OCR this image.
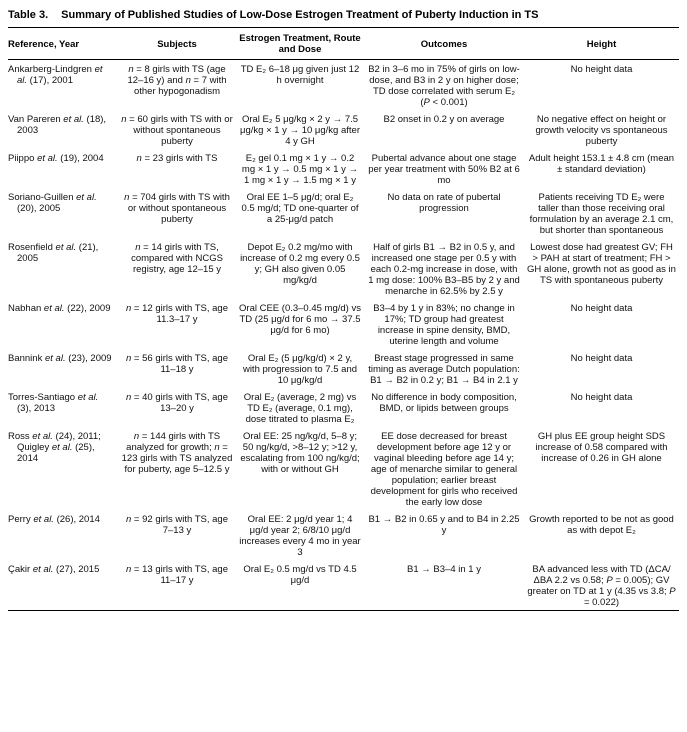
Table 3. Summary of Published Studies of Low-Dose Estrogen Treatment of Puberty Induction in TS
Reference, Year	Subjects	Estrogen Treatment, Route and Dose	Outcomes	Height

Ankarberg-Lindgren et al. (17), 2001	n = 8 girls with TS (age 12–16 y) and n = 7 with other hypogonadism	TD E₂ 6–18 μg given just 12 h overnight	B2 in 3–6 mo in 75% of girls on low-dose, and B3 in 2 y on higher dose; TD dose correlated with serum E₂ (P < 0.001)	No height data

Van Pareren et al. (18), 2003	n = 60 girls with TS with or without spontaneous puberty	Oral E₂ 5 μg/kg × 2 y → 7.5 μg/kg × 1 y → 10 μg/kg after 4 y GH	B2 onset in 0.2 y on average	No negative effect on height or growth velocity vs spontaneous puberty

Piippo et al. (19), 2004	n = 23 girls with TS	E₂ gel 0.1 mg × 1 y → 0.2 mg × 1 y → 0.5 mg × 1 y → 1 mg × 1 y → 1.5 mg × 1 y	Pubertal advance about one stage per year treatment with 50% B2 at 6 mo	Adult height 153.1 ± 4.8 cm (mean ± standard deviation)

Soriano-Guillen et al. (20), 2005	n = 704 girls with TS with or without spontaneous puberty	Oral EE 1–5 μg/d; oral E₂ 0.5 mg/d; TD one-quarter of a 25-μg/d patch	No data on rate of pubertal progression	Patients receiving TD E₂ were taller than those receiving oral formulation by an average 2.1 cm, but shorter than spontaneous

Rosenfield et al. (21), 2005	n = 14 girls with TS, compared with NCGS registry, age 12–15 y	Depot E₂ 0.2 mg/mo with increase of 0.2 mg every 0.5 y; GH also given 0.05 mg/kg/d	Half of girls B1 → B2 in 0.5 y, and increased one stage per 0.5 y with each 0.2-mg increase in dose, with 1 mg dose: 100% B3–B5 by 2 y and menarche in 62.5% by 2.5 y	Lowest dose had greatest GV; FH > PAH at start of treatment; FH > GH alone, growth not as good as in TS with spontaneous puberty

Nabhan et al. (22), 2009	n = 12 girls with TS, age 11.3–17 y	Oral CEE (0.3–0.45 mg/d) vs TD (25 μg/d for 6 mo → 37.5 μg/d for 6 mo)	B3–4 by 1 y in 83%; no change in 17%; TD group had greatest increase in spine density, BMD, uterine length and volume	No height data

Bannink et al. (23), 2009	n = 56 girls with TS, age 11–18 y	Oral E₂ (5 μg/kg/d) × 2 y, with progression to 7.5 and 10 μg/kg/d	Breast stage progressed in same timing as average Dutch population: B1 → B2 in 0.2 y; B1 → B4 in 2.1 y	No height data

Torres-Santiago et al. (3), 2013	n = 40 girls with TS, age 13–20 y	Oral E₂ (average, 2 mg) vs TD E₂ (average, 0.1 mg), dose titrated to plasma E₂	No difference in body composition, BMD, or lipids between groups	No height data

Ross et al. (24), 2011; Quigley et al. (25), 2014	n = 144 girls with TS analyzed for growth; n = 123 girls with TS analyzed for puberty, age 5–12.5 y	Oral EE: 25 ng/kg/d, 5–8 y; 50 ng/kg/d, >8–12 y; >12 y, escalating from 100 ng/kg/d; with or without GH	EE dose decreased for breast development before age 12 y or vaginal bleeding before age 14 y; age of menarche similar to general population; earlier breast development for girls who received the early low dose	GH plus EE group height SDS increase of 0.58 compared with increase of 0.26 in GH alone

Perry et al. (26), 2014	n = 92 girls with TS, age 7–13 y	Oral EE: 2 μg/d year 1; 4 μg/d year 2; 6/8/10 μg/d increases every 4 mo in year 3	B1 → B2 in 0.65 y and to B4 in 2.25 y	Growth reported to be not as good as with depot E₂

Çakir et al. (27), 2015	n = 13 girls with TS, age 11–17 y	Oral E₂ 0.5 mg/d vs TD 4.5 μg/d	B1 → B3–4 in 1 y	BA advanced less with TD (ΔCA/ΔBA 2.2 vs 0.58; P = 0.005); GV greater on TD at 1 y (4.35 vs 3.8; P = 0.022)
